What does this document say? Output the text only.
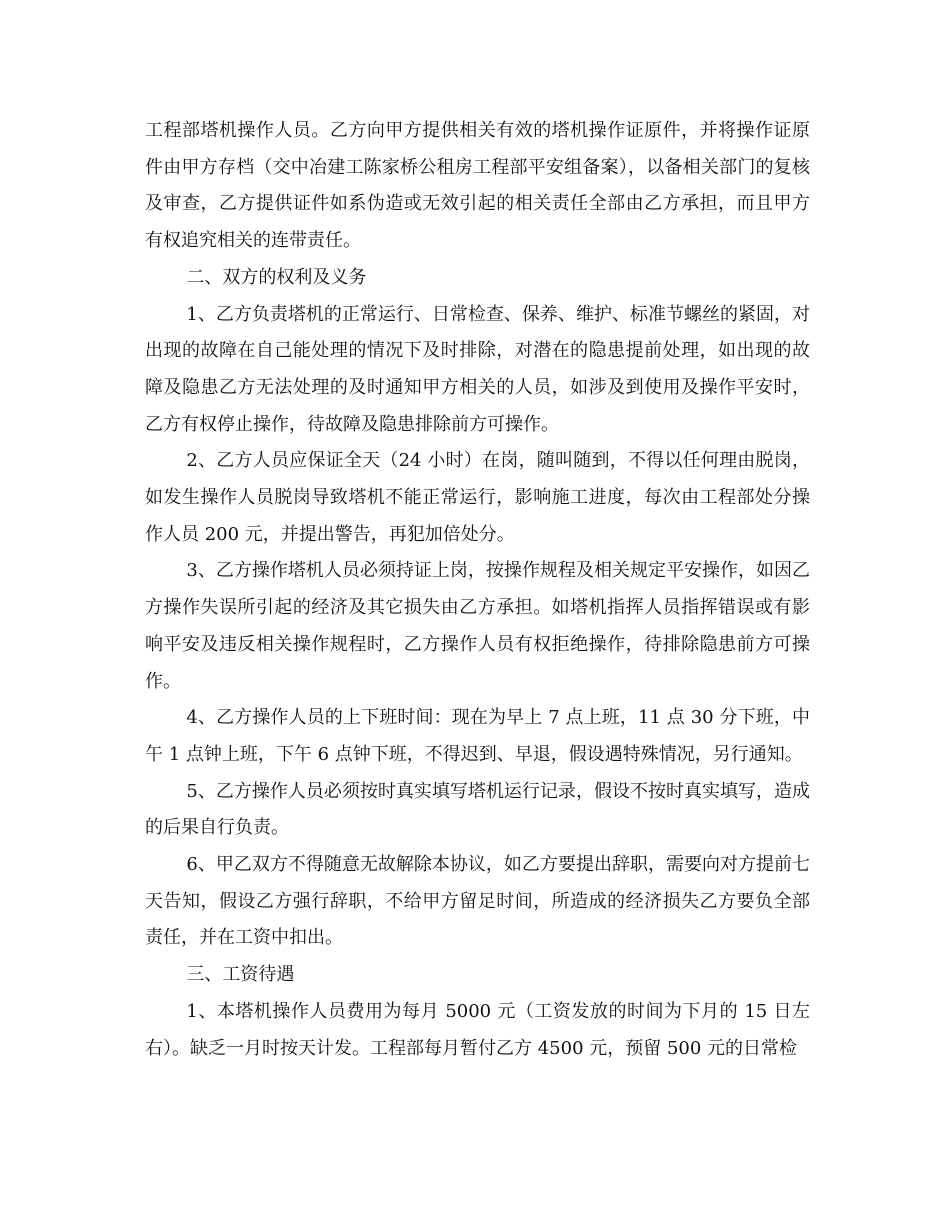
工程部塔机操作人员。乙方向甲方提供相关有效的塔机操作证原件，并将操作证原件由甲方存档（交中冶建工陈家桥公租房工程部平安组备案），以备相关部门的复核及审查，乙方提供证件如系伪造或无效引起的相关责任全部由乙方承担，而且甲方有权追究相关的连带责任。

二、双方的权利及义务

1、乙方负责塔机的正常运行、日常检查、保养、维护、标准节螺丝的紧固，对出现的故障在自己能处理的情况下及时排除，对潜在的隐患提前处理，如出现的故障及隐患乙方无法处理的及时通知甲方相关的人员，如涉及到使用及操作平安时，乙方有权停止操作，待故障及隐患排除前方可操作。

2、乙方人员应保证全天（24 小时）在岗，随叫随到，不得以任何理由脱岗，如发生操作人员脱岗导致塔机不能正常运行，影响施工进度，每次由工程部处分操作人员 200 元，并提出警告，再犯加倍处分。

3、乙方操作塔机人员必须持证上岗，按操作规程及相关规定平安操作，如因乙方操作失误所引起的经济及其它损失由乙方承担。如塔机指挥人员指挥错误或有影响平安及违反相关操作规程时，乙方操作人员有权拒绝操作，待排除隐患前方可操作。

4、乙方操作人员的上下班时间：现在为早上 7 点上班，11 点 30 分下班，中午 1 点钟上班，下午 6 点钟下班，不得迟到、早退，假设遇特殊情况，另行通知。

5、乙方操作人员必须按时真实填写塔机运行记录，假设不按时真实填写，造成的后果自行负责。

6、甲乙双方不得随意无故解除本协议，如乙方要提出辞职，需要向对方提前七天告知，假设乙方强行辞职，不给甲方留足时间，所造成的经济损失乙方要负全部责任，并在工资中扣出。

三、工资待遇

1、本塔机操作人员费用为每月 5000 元（工资发放的时间为下月的 15 日左右）。缺乏一月时按天计发。工程部每月暂付乙方 4500 元，预留 500 元的日常检
